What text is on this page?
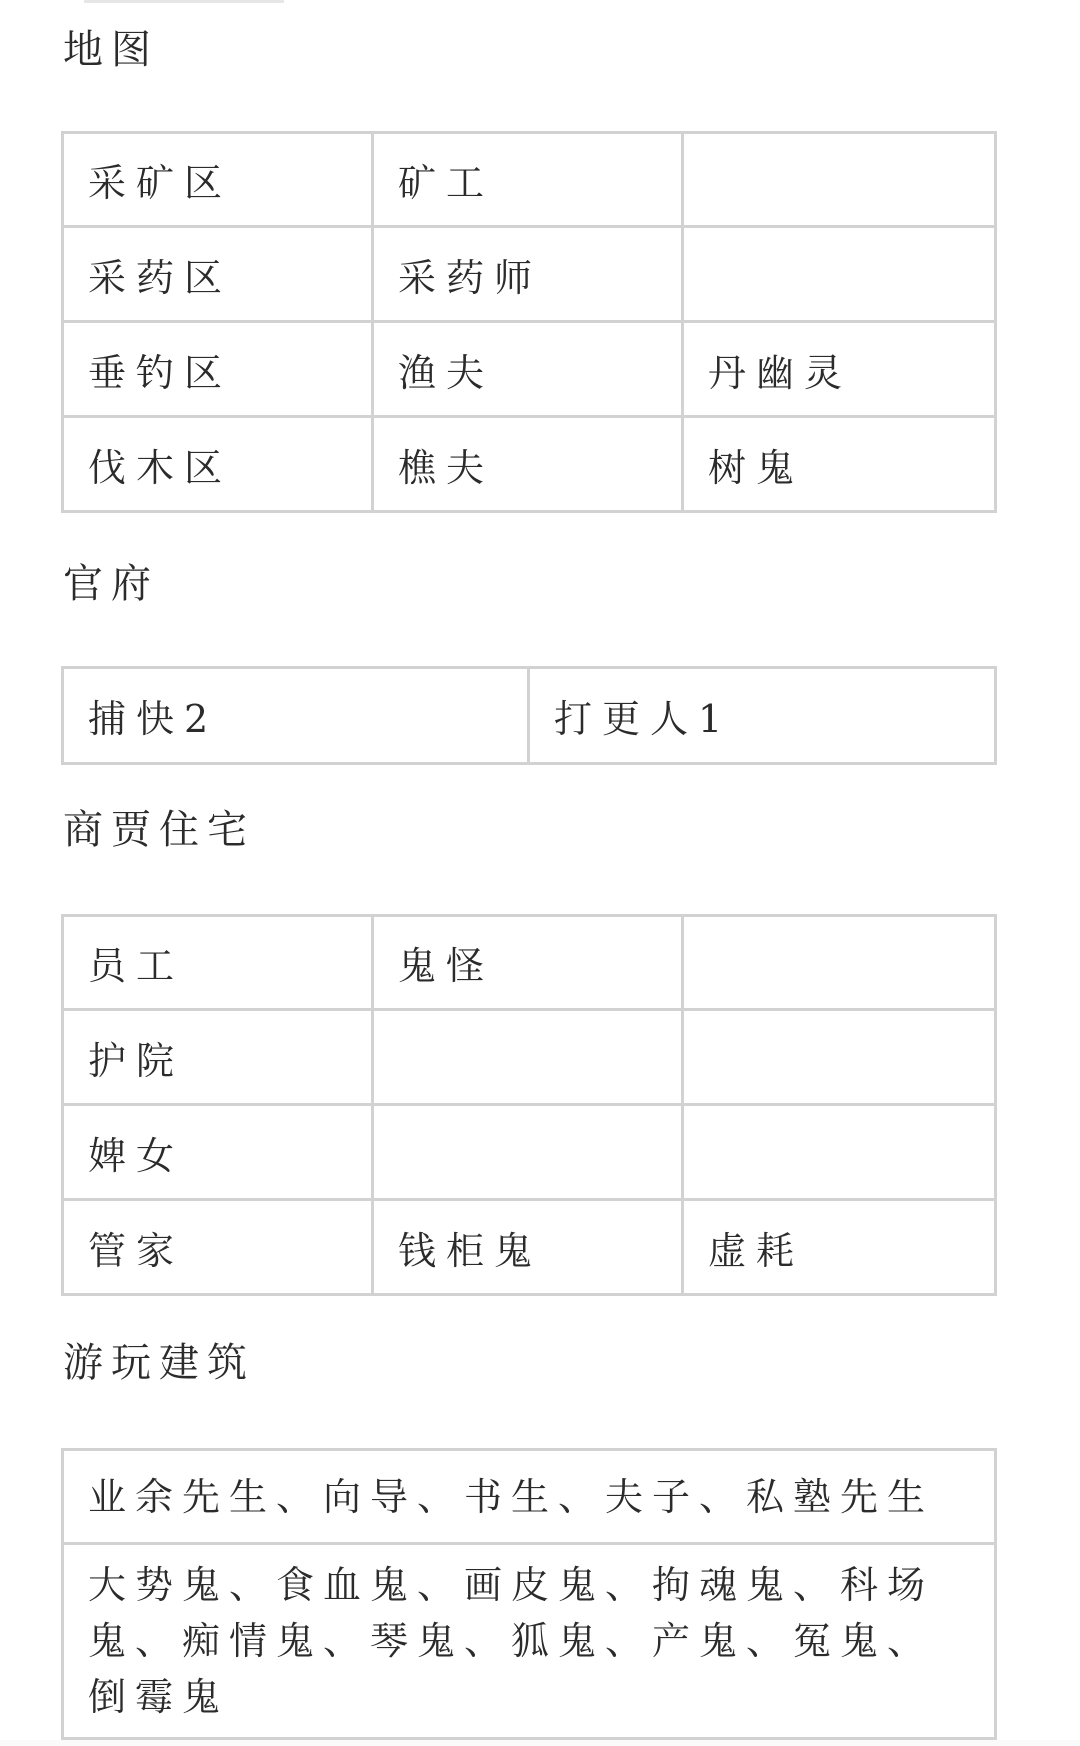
地图
采矿区	矿工	
采药区	采药师	
垂钓区	渔夫	丹幽灵
伐木区	樵夫	树鬼
官府
捕快2	打更人1
商贾住宅
员工	鬼怪	
护院		
婢女		
管家	钱柜鬼	虚耗
游玩建筑
业余先生、向导、书生、夫子、私塾先生
大势鬼、食血鬼、画皮鬼、拘魂鬼、科场鬼、痴情鬼、琴鬼、狐鬼、产鬼、冤鬼、倒霉鬼
